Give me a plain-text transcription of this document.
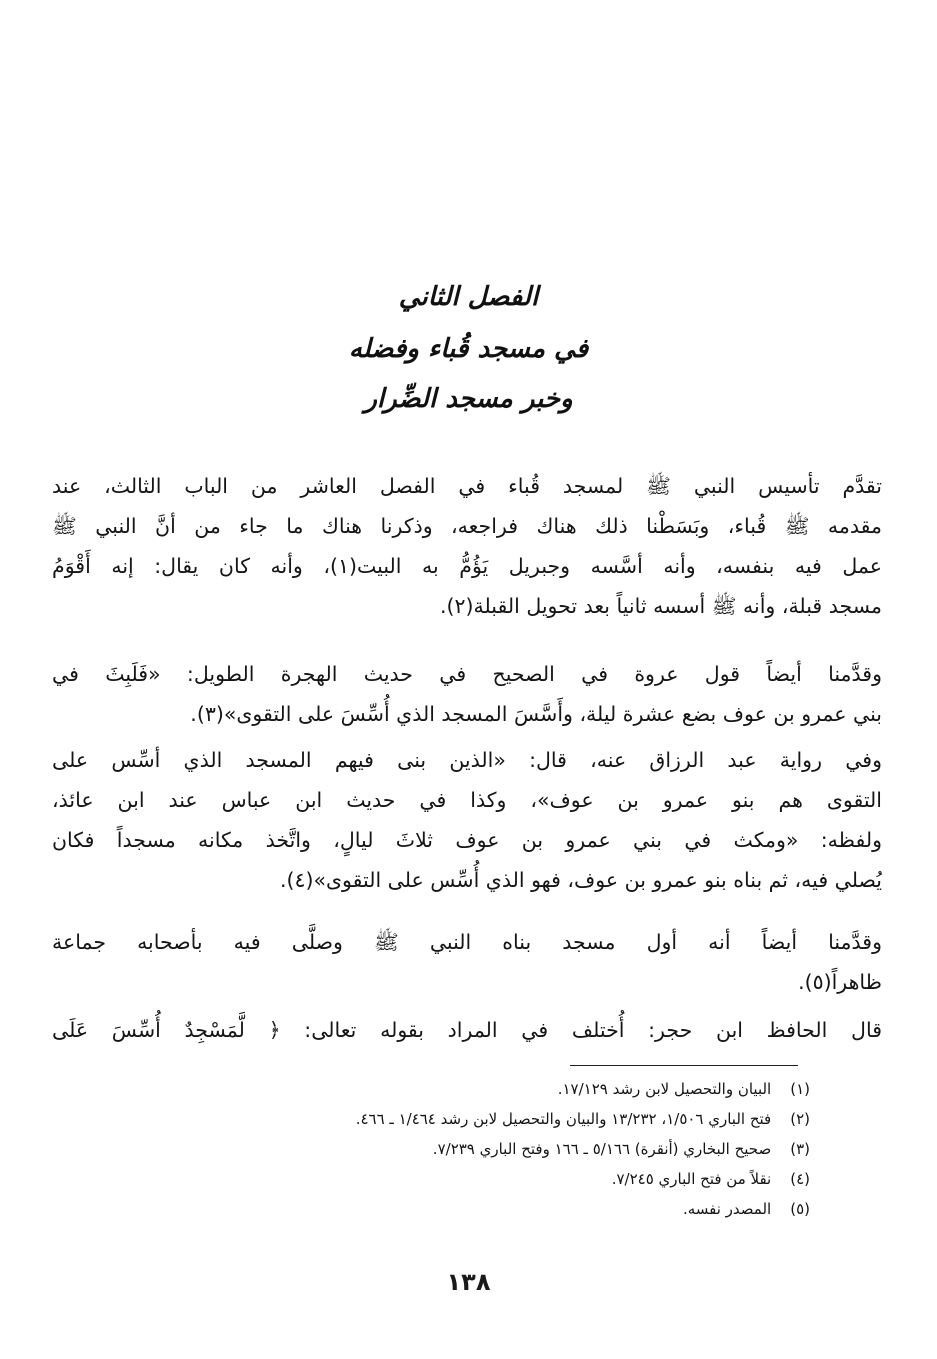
الفصل الثاني
في مسجد قُباء وفضله
وخبر مسجد الضِّرار
تقدَّم تأسيس النبي ﷺ لمسجد قُباء في الفصل العاشر من الباب الثالث، عند
مقدمه ﷺ قُباء، وبَسَطْنا ذلك هناك فراجعه، وذكرنا هناك ما جاء من أنَّ النبي ﷺ
عمل فيه بنفسه، وأنه أسَّسه وجبريل يَؤُمُّ به البيت(١)، وأنه كان يقال: إنه أَقْوَمُ
مسجد قبلة، وأنه ﷺ أسسه ثانياً بعد تحويل القبلة(٢).
وقدَّمنا أيضاً قول عروة في الصحيح في حديث الهجرة الطويل: «فَلَبِثَ في
بني عمرو بن عوف بضع عشرة ليلة، وأَسَّسَ المسجد الذي أُسِّسَ على التقوى»(٣).
وفي رواية عبد الرزاق عنه، قال: «الذين بنى فيهم المسجد الذي أسِّس على
التقوى هم بنو عمرو بن عوف»، وكذا في حديث ابن عباس عند ابن عائذ،
ولفظه: «ومكث في بني عمرو بن عوف ثلاثَ ليالٍ، واتَّخذ مكانه مسجداً فكان
يُصلي فيه، ثم بناه بنو عمرو بن عوف، فهو الذي أُسِّس على التقوى»(٤).
وقدَّمنا أيضاً أنه أول مسجد بناه النبي ﷺ وصلَّى فيه بأصحابه جماعة
ظاهراً(٥).
قال الحافظ ابن حجر: أُختلف في المراد بقوله تعالى: ﴿ لَّمَسْجِدٌ أُسِّسَ عَلَى
(١) البيان والتحصيل لابن رشد ١٧/١٢٩.
(٢) فتح الباري ١/٥٠٦، ١٣/٢٣٢ والبيان والتحصيل لابن رشد ١/٤٦٤ ـ ٤٦٦.
(٣) صحيح البخاري (أنقرة) ٥/١٦٦ ـ ١٦٦ وفتح الباري ٧/٢٣٩.
(٤) نقلاً من فتح الباري ٧/٢٤٥.
(٥) المصدر نفسه.
١٣٨
